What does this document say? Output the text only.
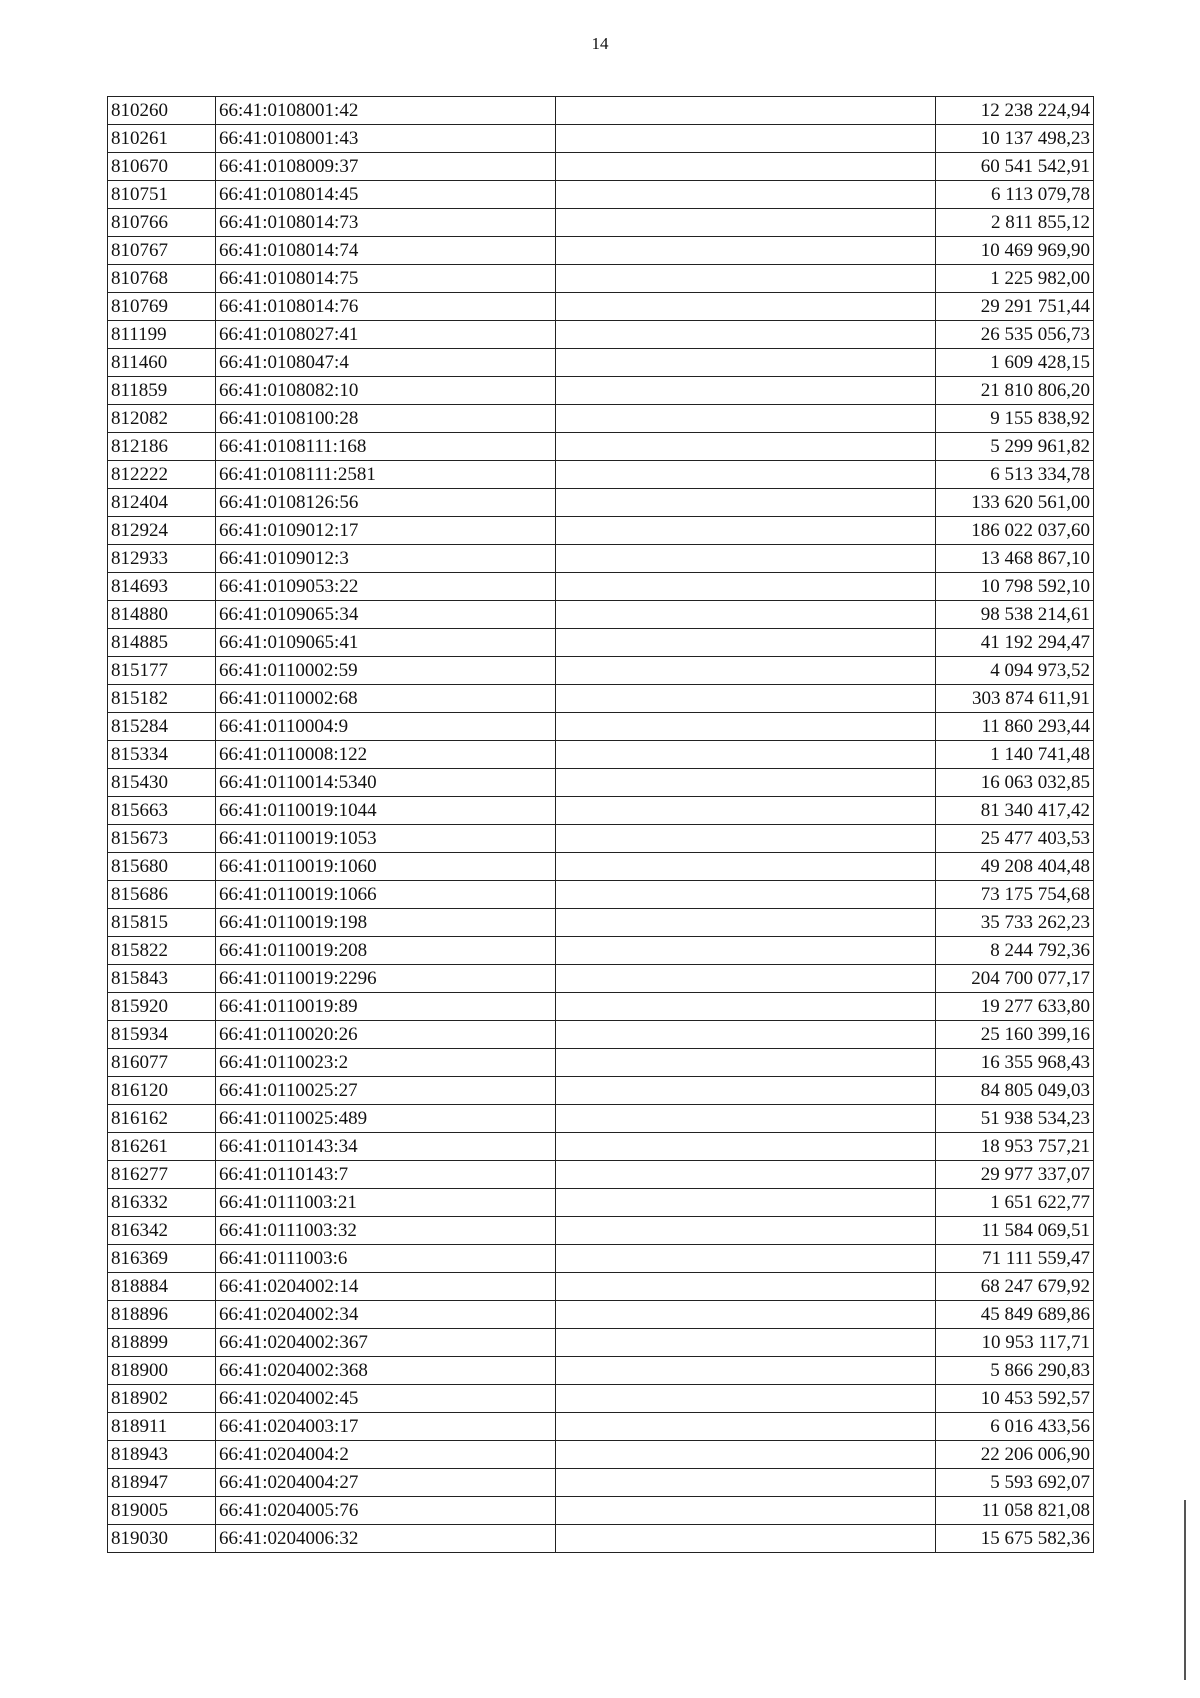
14
810260	66:41:0108001:42		12 238 224,94
810261	66:41:0108001:43		10 137 498,23
810670	66:41:0108009:37		60 541 542,91
810751	66:41:0108014:45		6 113 079,78
810766	66:41:0108014:73		2 811 855,12
810767	66:41:0108014:74		10 469 969,90
810768	66:41:0108014:75		1 225 982,00
810769	66:41:0108014:76		29 291 751,44
811199	66:41:0108027:41		26 535 056,73
811460	66:41:0108047:4		1 609 428,15
811859	66:41:0108082:10		21 810 806,20
812082	66:41:0108100:28		9 155 838,92
812186	66:41:0108111:168		5 299 961,82
812222	66:41:0108111:2581		6 513 334,78
812404	66:41:0108126:56		133 620 561,00
812924	66:41:0109012:17		186 022 037,60
812933	66:41:0109012:3		13 468 867,10
814693	66:41:0109053:22		10 798 592,10
814880	66:41:0109065:34		98 538 214,61
814885	66:41:0109065:41		41 192 294,47
815177	66:41:0110002:59		4 094 973,52
815182	66:41:0110002:68		303 874 611,91
815284	66:41:0110004:9		11 860 293,44
815334	66:41:0110008:122		1 140 741,48
815430	66:41:0110014:5340		16 063 032,85
815663	66:41:0110019:1044		81 340 417,42
815673	66:41:0110019:1053		25 477 403,53
815680	66:41:0110019:1060		49 208 404,48
815686	66:41:0110019:1066		73 175 754,68
815815	66:41:0110019:198		35 733 262,23
815822	66:41:0110019:208		8 244 792,36
815843	66:41:0110019:2296		204 700 077,17
815920	66:41:0110019:89		19 277 633,80
815934	66:41:0110020:26		25 160 399,16
816077	66:41:0110023:2		16 355 968,43
816120	66:41:0110025:27		84 805 049,03
816162	66:41:0110025:489		51 938 534,23
816261	66:41:0110143:34		18 953 757,21
816277	66:41:0110143:7		29 977 337,07
816332	66:41:0111003:21		1 651 622,77
816342	66:41:0111003:32		11 584 069,51
816369	66:41:0111003:6		71 111 559,47
818884	66:41:0204002:14		68 247 679,92
818896	66:41:0204002:34		45 849 689,86
818899	66:41:0204002:367		10 953 117,71
818900	66:41:0204002:368		5 866 290,83
818902	66:41:0204002:45		10 453 592,57
818911	66:41:0204003:17		6 016 433,56
818943	66:41:0204004:2		22 206 006,90
818947	66:41:0204004:27		5 593 692,07
819005	66:41:0204005:76		11 058 821,08
819030	66:41:0204006:32		15 675 582,36
